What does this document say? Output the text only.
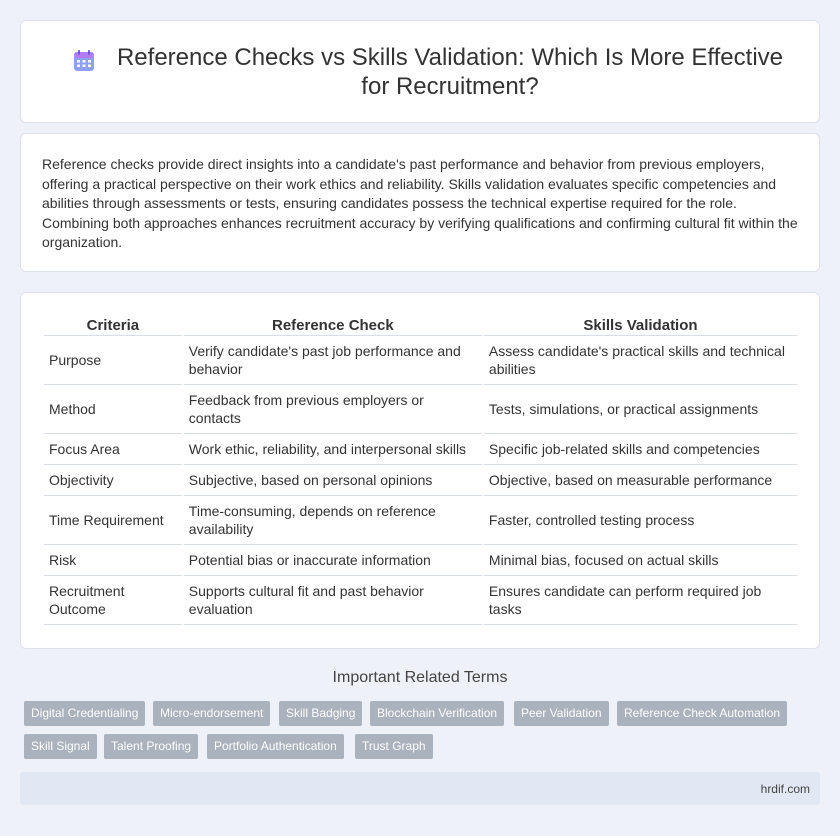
Reference Checks vs Skills Validation: Which Is More Effective for Recruitment?

Reference checks provide direct insights into a candidate's past performance and behavior from previous employers, offering a practical perspective on their work ethics and reliability. Skills validation evaluates specific competencies and abilities through assessments or tests, ensuring candidates possess the technical expertise required for the role. Combining both approaches enhances recruitment accuracy by verifying qualifications and confirming cultural fit within the organization.

Criteria	Reference Check	Skills Validation
Purpose	Verify candidate's past job performance and behavior	Assess candidate's practical skills and technical abilities
Method	Feedback from previous employers or contacts	Tests, simulations, or practical assignments
Focus Area	Work ethic, reliability, and interpersonal skills	Specific job-related skills and competencies
Objectivity	Subjective, based on personal opinions	Objective, based on measurable performance
Time Requirement	Time-consuming, depends on reference availability	Faster, controlled testing process
Risk	Potential bias or inaccurate information	Minimal bias, focused on actual skills
Recruitment Outcome	Supports cultural fit and past behavior evaluation	Ensures candidate can perform required job tasks
Important Related Terms
Digital Credentialing	Micro-endorsement	Skill Badging	Blockchain Verification	Peer Validation	Reference Check Automation
Skill Signal	Talent Proofing	Portfolio Authentication	Trust Graph
hrdif.com
